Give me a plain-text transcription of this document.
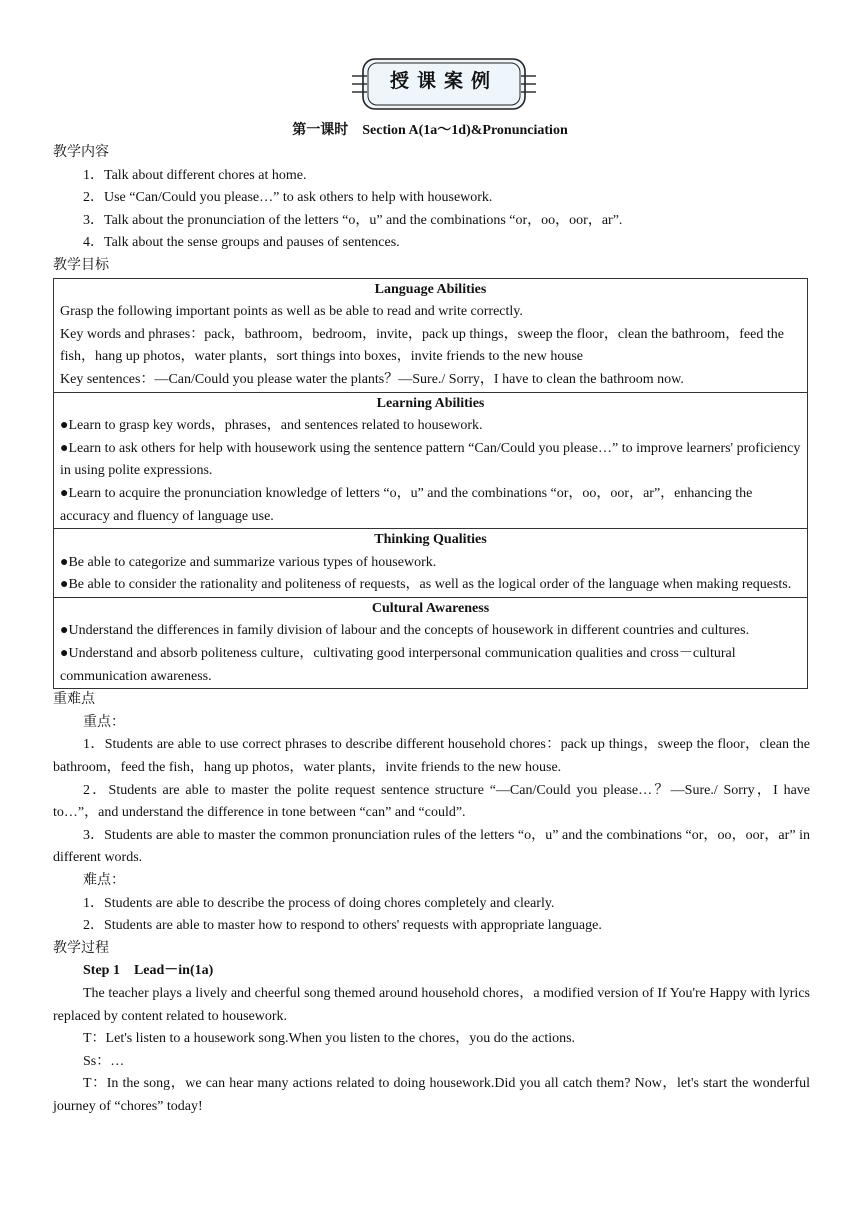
授课案例
第一课时　Section A(1a～1d)&Pronunciation
教学内容
1．Talk about different chores at home.
2．Use “Can/Could you please…” to ask others to help with housework.
3．Talk about the pronunciation of the letters “o，u” and the combinations “or，oo，oor，ar”.
4．Talk about the sense groups and pauses of sentences.
教学目标
Language Abilities
Grasp the following important points as well as be able to read and write correctly.
Key words and phrases：pack，bathroom，bedroom，invite，pack up things，sweep the floor，clean the bathroom，feed the fish，hang up photos，water plants，sort things into boxes，invite friends to the new house
Key sentences：—Can/Could you please water the plants？—Sure./ Sorry，I have to clean the bathroom now.

Learning Abilities
● Learn to grasp key words，phrases，and sentences related to housework.
● Learn to ask others for help with housework using the sentence pattern “Can/Could you please…” to improve learners' proficiency in using polite expressions.
● Learn to acquire the pronunciation knowledge of letters “o，u” and the combinations “or，oo，oor，ar”，enhancing the accuracy and fluency of language use.

Thinking Qualities
● Be able to categorize and summarize various types of housework.
● Be able to consider the rationality and politeness of requests，as well as the logical order of the language when making requests.

Cultural Awareness
● Understand the differences in family division of labour and the concepts of housework in different countries and cultures.
● Understand and absorb politeness culture，cultivating good interpersonal communication qualities and cross－cultural communication awareness.
重难点
重点：
1．Students are able to use correct phrases to describe different household chores：pack up things，sweep the floor，clean the bathroom，feed the fish，hang up photos，water plants，invite friends to the new house.
2．Students are able to master the polite request sentence structure “—Can/Could you please…？—Sure./ Sorry，I have to…”，and understand the difference in tone between “can” and “could”.
3．Students are able to master the common pronunciation rules of the letters “o，u” and the combinations “or，oo，oor，ar” in different words.
难点：
1．Students are able to describe the process of doing chores completely and clearly.
2．Students are able to master how to respond to others' requests with appropriate language.
教学过程
Step 1　Lead－in(1a)
The teacher plays a lively and cheerful song themed around household chores，a modified version of If You're Happy with lyrics replaced by content related to housework.
T：Let's listen to a housework song.When you listen to the chores，you do the actions.
Ss：…
T：In the song，we can hear many actions related to doing housework.Did you all catch them? Now，let's start the wonderful journey of “chores” today!
